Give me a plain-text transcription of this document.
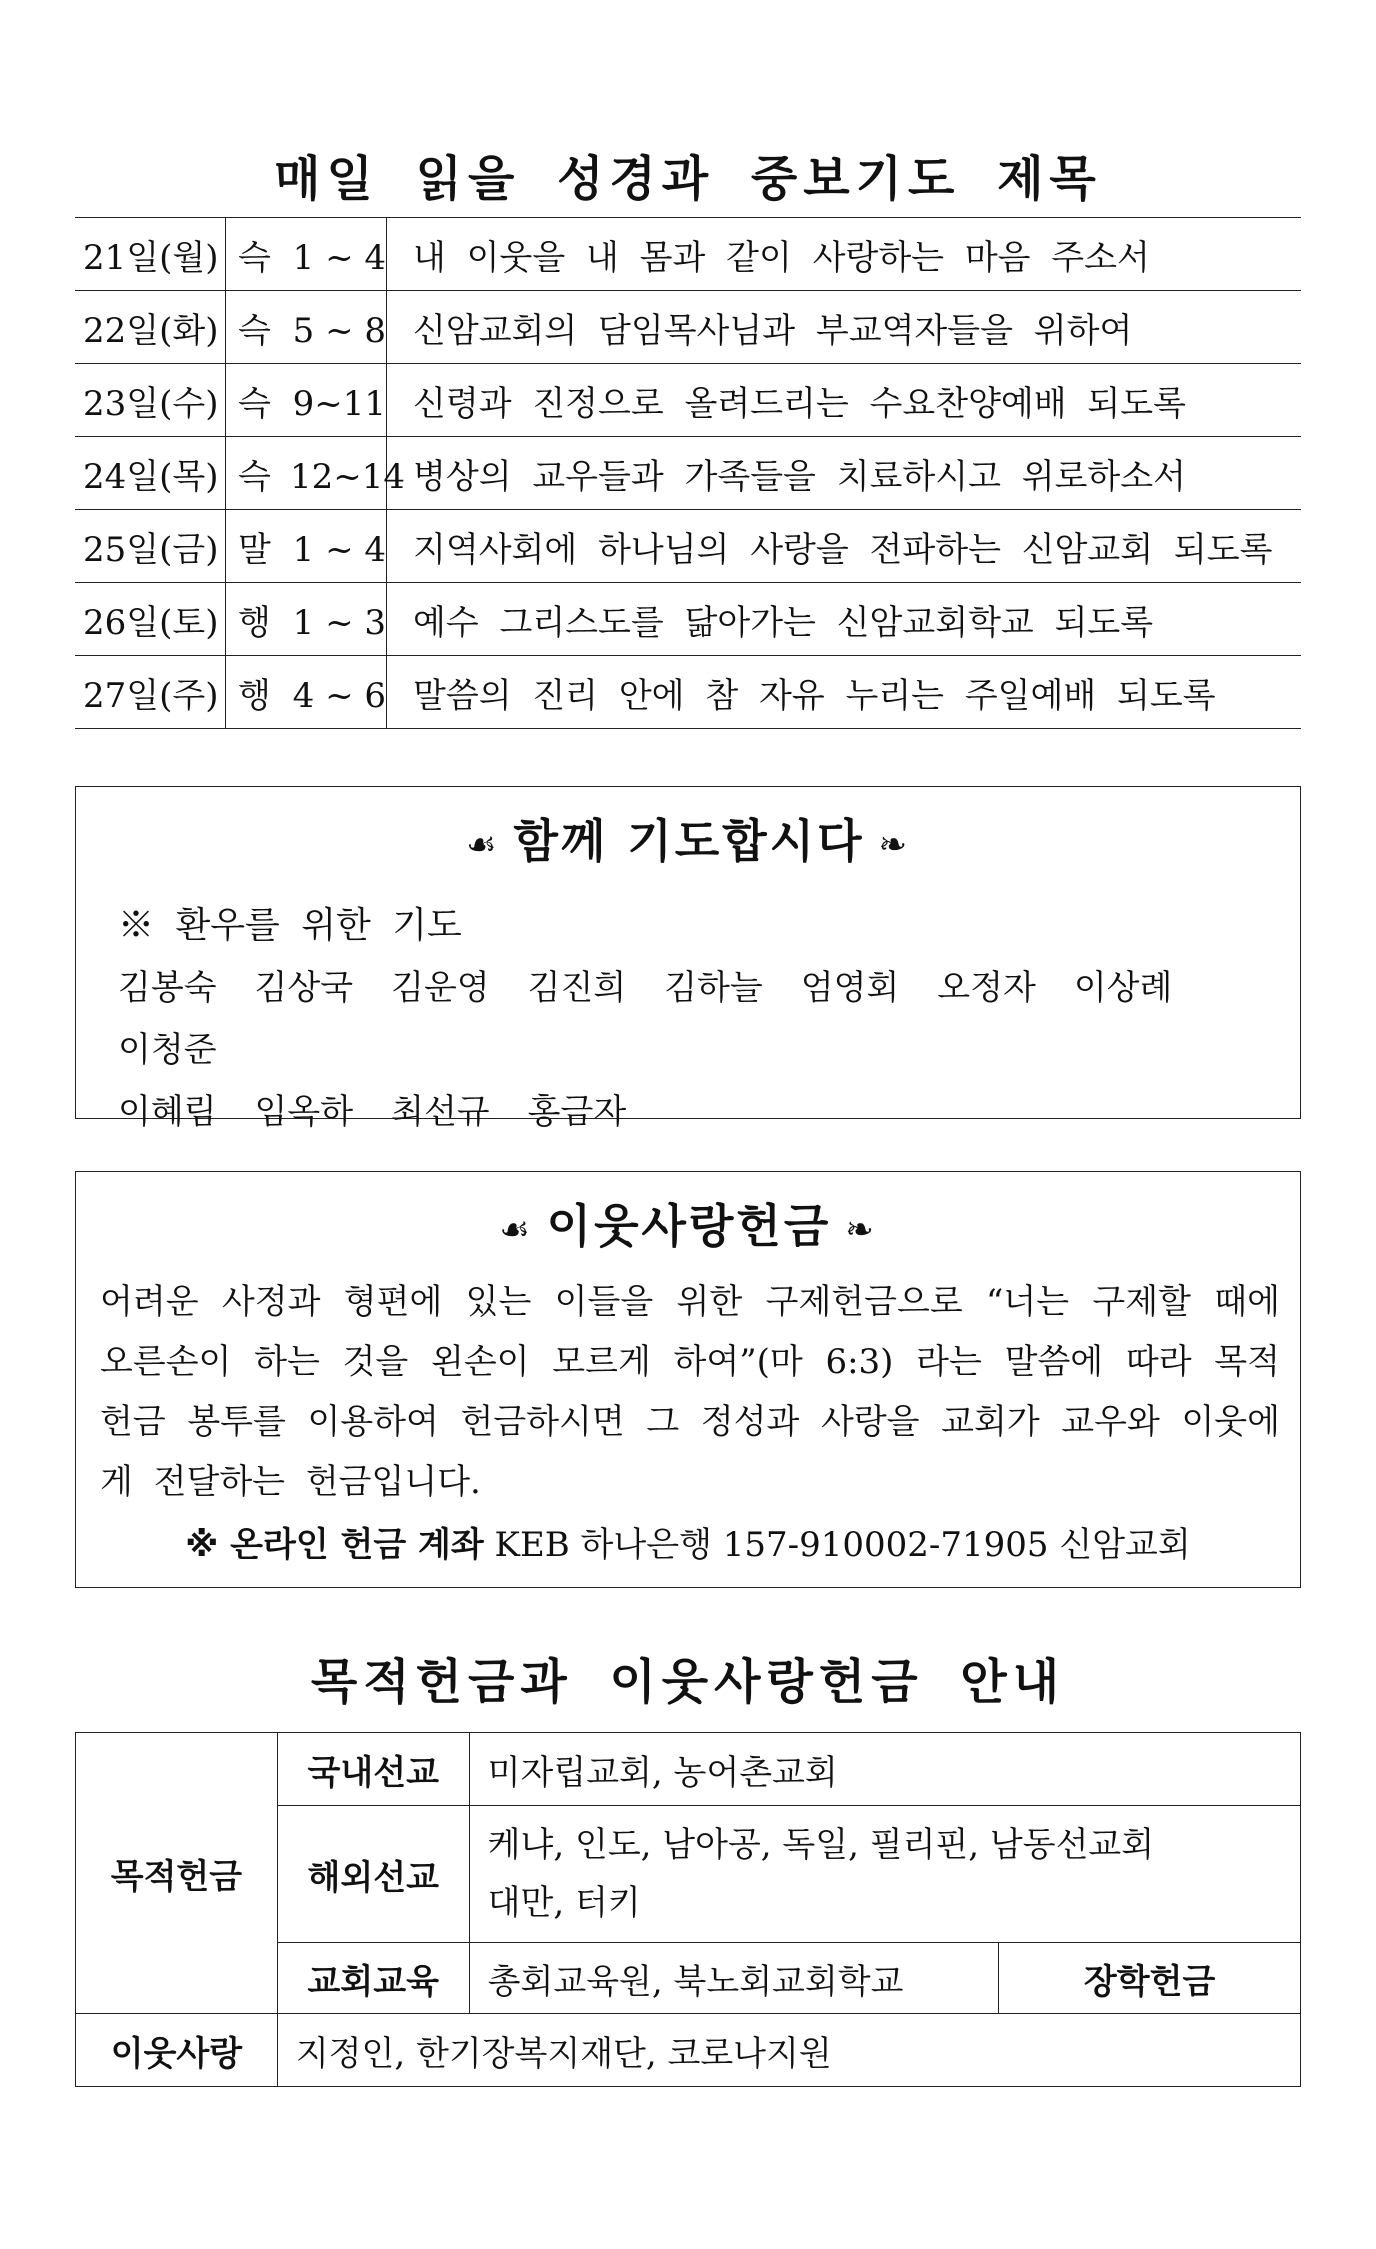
매일 읽을 성경과 중보기도 제목
21일(월)	슥 1 ~ 4	내 이웃을 내 몸과 같이 사랑하는 마음 주소서
22일(화)	슥 5 ~ 8	신암교회의 담임목사님과 부교역자들을 위하여
23일(수)	슥 9~11	신령과 진정으로 올려드리는 수요찬양예배 되도록
24일(목)	슥 12~14	병상의 교우들과 가족들을 치료하시고 위로하소서
25일(금)	말 1 ~ 4	지역사회에 하나님의 사랑을 전파하는 신암교회 되도록
26일(토)	행 1 ~ 3	예수 그리스도를 닮아가는 신암교회학교 되도록
27일(주)	행 4 ~ 6	말씀의 진리 안에 참 자유 누리는 주일예배 되도록
☙ 함께 기도합시다 ❧
※ 환우를 위한 기도
김봉숙 김상국 김운영 김진희 김하늘 엄영회 오정자 이상례이청준
이혜림 임옥하 최선규 홍금자
☙ 이웃사랑헌금 ❧
어려운 사정과 형편에 있는 이들을 위한 구제헌금으로 “너는 구제할 때에 오른손이 하는 것을 왼손이 모르게 하여”(마 6:3) 라는 말씀에 따라 목적헌금 봉투를 이용하여 헌금하시면 그 정성과 사랑을 교회가 교우와 이웃에게 전달하는 헌금입니다.
※ 온라인 헌금 계좌 KEB 하나은행 157-910002-71905 신암교회
목적헌금과 이웃사랑헌금 안내
목적헌금	국내선교	미자립교회, 농어촌교회	
	해외선교	케냐, 인도, 남아공, 독일, 필리핀, 남동선교회
대만, 터키	

	교회교육	총회교육원, 북노회교회학교	장학헌금
이웃사랑	지정인, 한기장복지재단, 코로나지원		
